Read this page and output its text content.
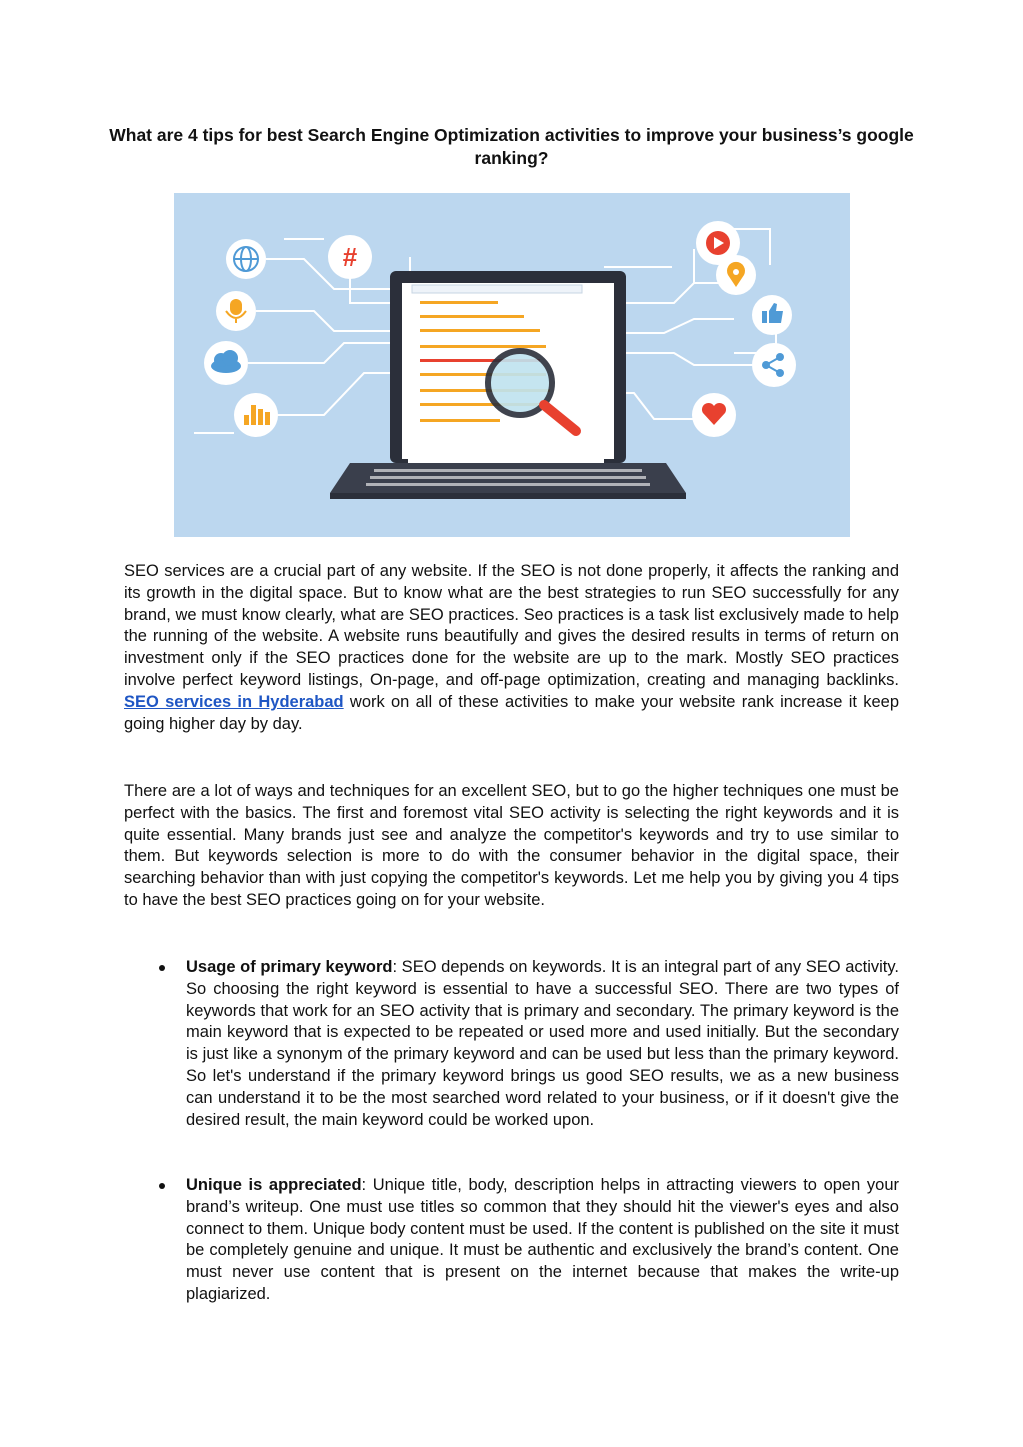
What are 4 tips for best Search Engine Optimization activities to improve your business’s google ranking?
#

SEO services are a crucial part of any website. If the SEO is not done properly, it affects the ranking and its growth in the digital space. But to know what are the best strategies to run SEO successfully for any brand, we must know clearly, what are SEO practices. Seo practices is a task list exclusively made to help the running of the website. A website runs beautifully and gives the desired results in terms of return on investment only if the SEO practices done for the website are up to the mark. Mostly SEO practices involve perfect keyword listings, On-page, and off-page optimization, creating and managing backlinks. SEO services in Hyderabad work on all of these activities to make your website rank increase it keep going higher day by day.

There are a lot of ways and techniques for an excellent SEO, but to go the higher techniques one must be perfect with the basics. The first and foremost vital SEO activity is selecting the right keywords and it is quite essential. Many brands just see and analyze the competitor's keywords and try to use similar to them. But keywords selection is more to do with the consumer behavior in the digital space, their searching behavior than with just copying the competitor's keywords. Let me help you by giving you 4 tips to have the best SEO practices going on for your website.

Usage of primary keyword: SEO depends on keywords. It is an integral part of any SEO activity. So choosing the right keyword is essential to have a successful SEO. There are two types of keywords that work for an SEO activity that is primary and secondary. The primary keyword is the main keyword that is expected to be repeated or used more and used initially. But the secondary is just like a synonym of the primary keyword and can be used but less than the primary keyword. So let's understand if the primary keyword brings us good SEO results, we as a new business can understand it to be the most searched word related to your business, or if it doesn't give the desired result, the main keyword could be worked upon.

Unique is appreciated: Unique title, body, description helps in attracting viewers to open your brand’s writeup. One must use titles so common that they should hit the viewer's eyes and also connect to them. Unique body content must be used. If the content is published on the site it must be completely genuine and unique. It must be authentic and exclusively the brand’s content. One must never use content that is present on the internet because that makes the write-up plagiarized.
